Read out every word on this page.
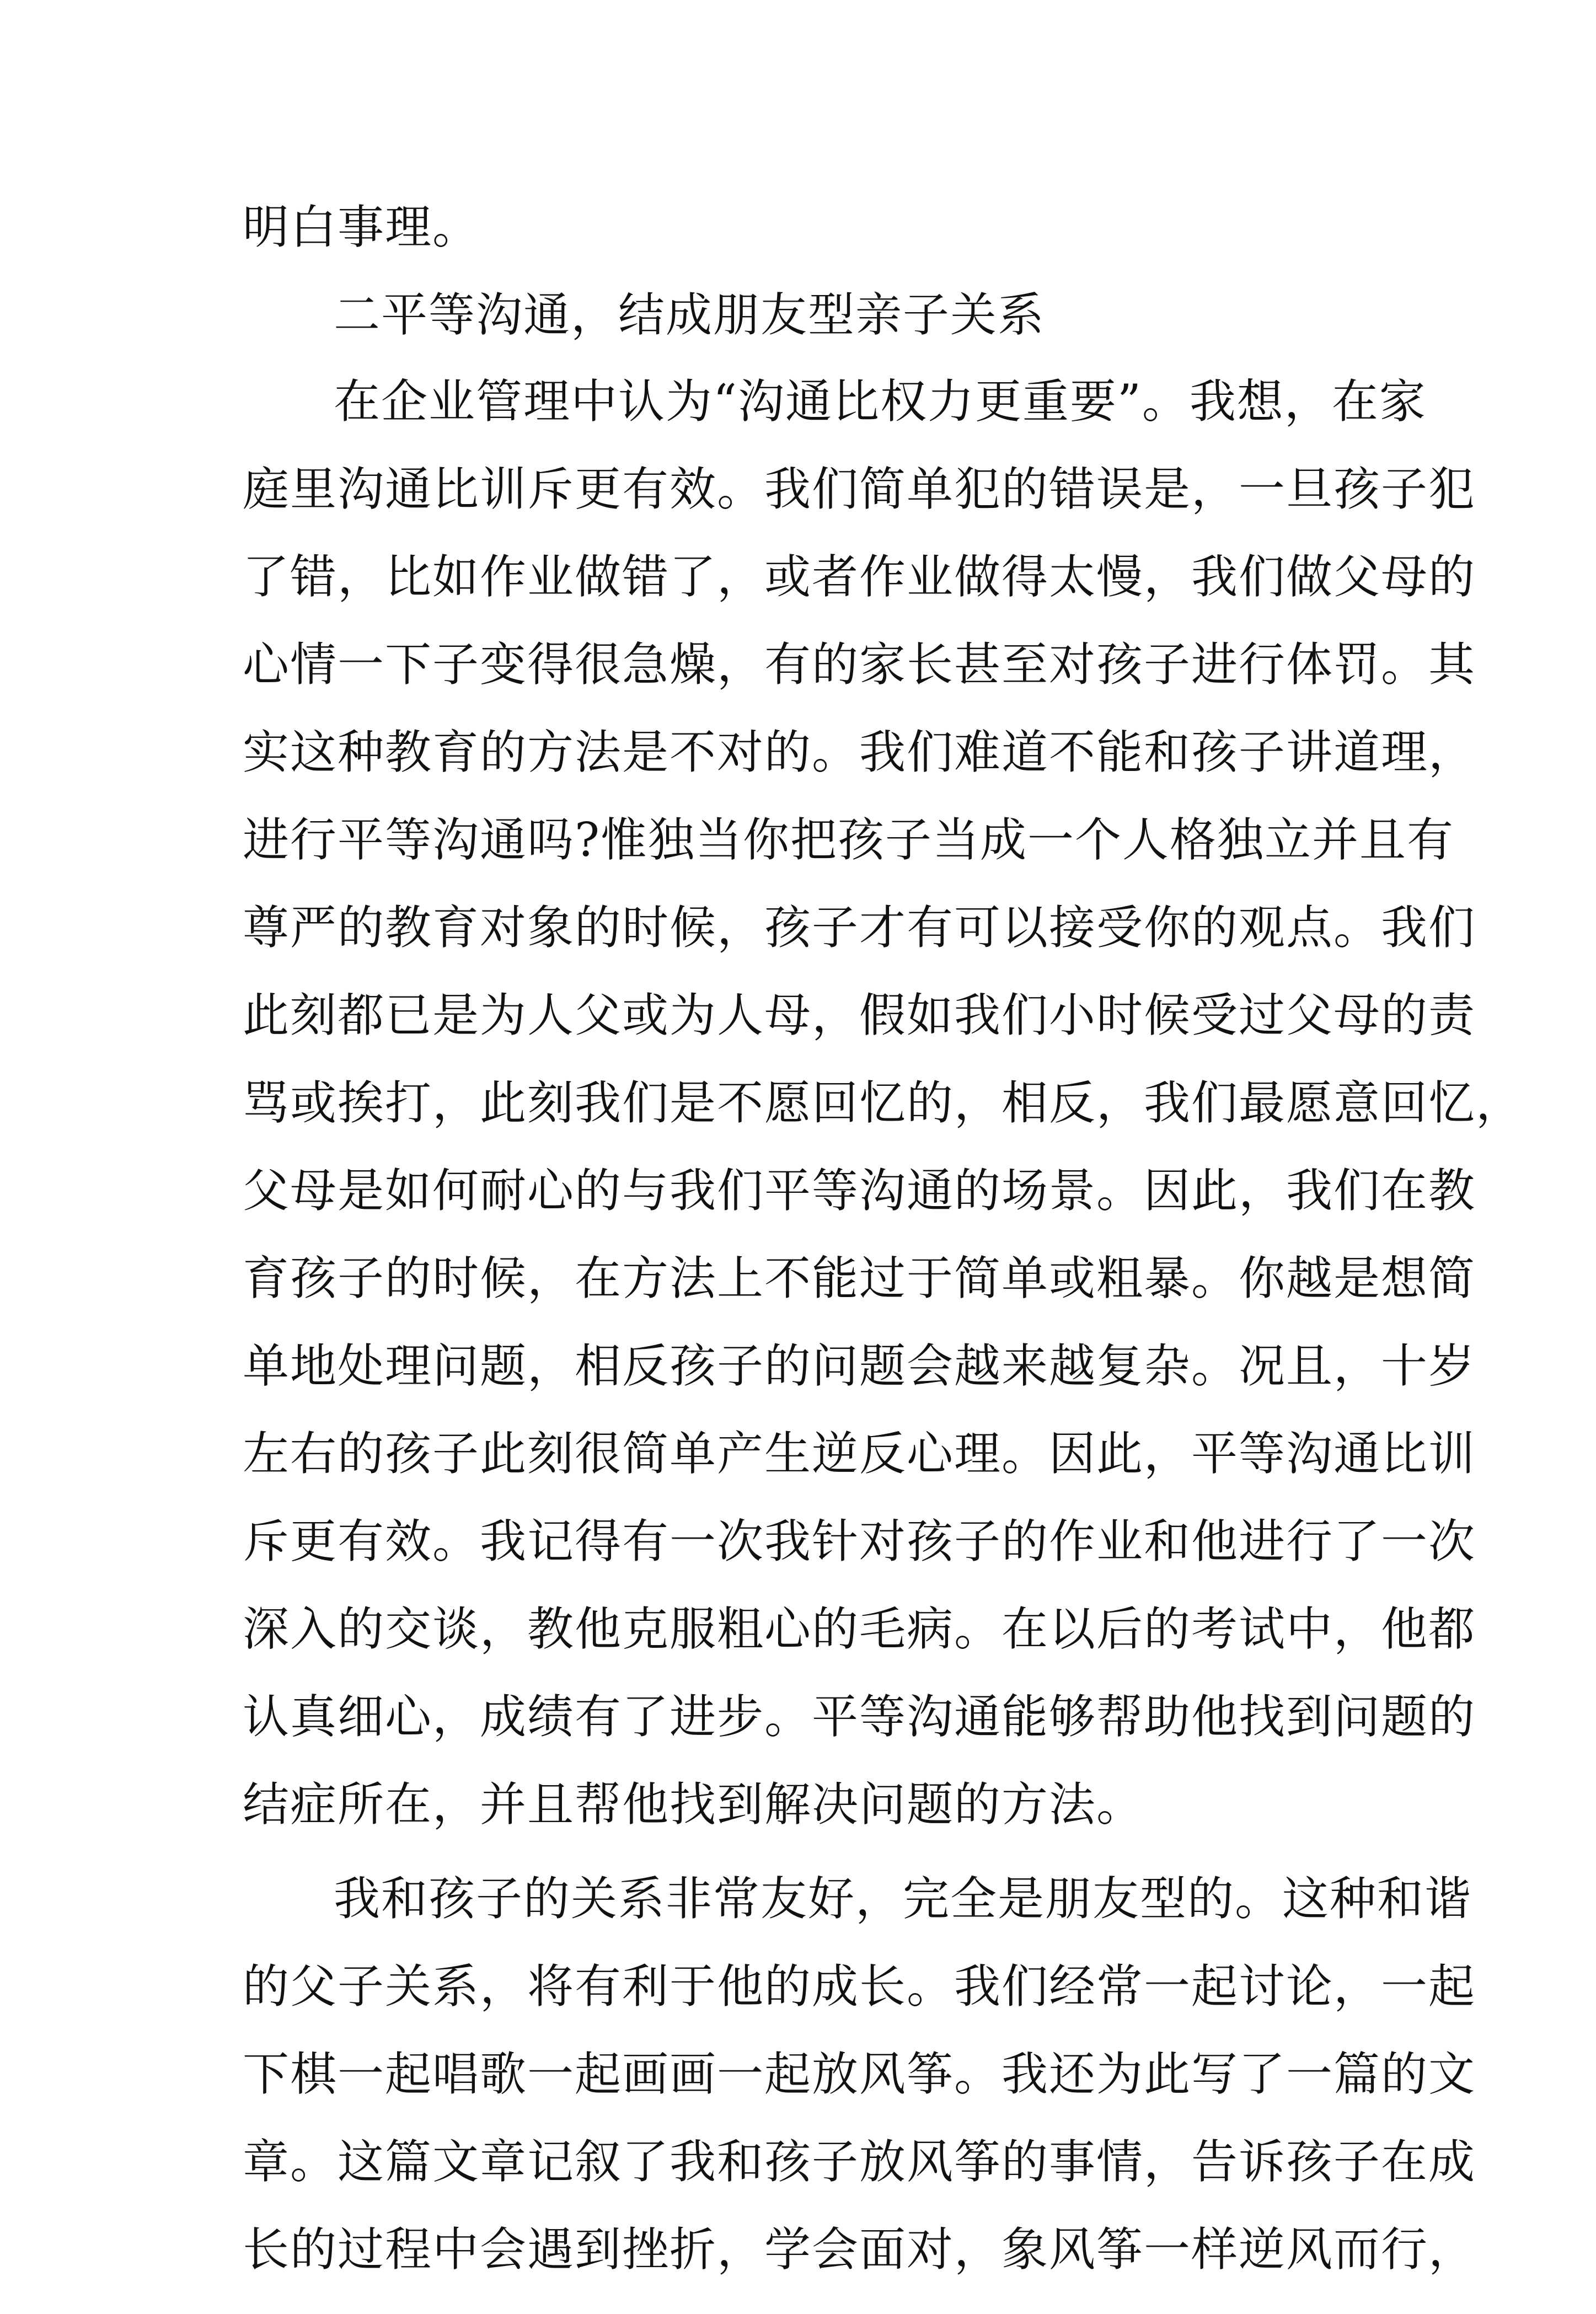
明白事理。
二平等沟通，结成朋友型亲子关系
在企业管理中认为“沟通比权力更重要”。我想，在家
庭里沟通比训斥更有效。我们简单犯的错误是，一旦孩子犯
了错，比如作业做错了，或者作业做得太慢，我们做父母的
心情一下子变得很急燥，有的家长甚至对孩子进行体罚。其
实这种教育的方法是不对的。我们难道不能和孩子讲道理，
进行平等沟通吗?惟独当你把孩子当成一个人格独立并且有
尊严的教育对象的时候，孩子才有可以接受你的观点。我们
此刻都已是为人父或为人母，假如我们小时候受过父母的责
骂或挨打，此刻我们是不愿回忆的，相反，我们最愿意回忆，
父母是如何耐心的与我们平等沟通的场景。因此，我们在教
育孩子的时候，在方法上不能过于简单或粗暴。你越是想简
单地处理问题，相反孩子的问题会越来越复杂。况且，十岁
左右的孩子此刻很简单产生逆反心理。因此，平等沟通比训
斥更有效。我记得有一次我针对孩子的作业和他进行了一次
深入的交谈，教他克服粗心的毛病。在以后的考试中，他都
认真细心，成绩有了进步。平等沟通能够帮助他找到问题的
结症所在，并且帮他找到解决问题的方法。
我和孩子的关系非常友好，完全是朋友型的。这种和谐
的父子关系，将有利于他的成长。我们经常一起讨论，一起
下棋一起唱歌一起画画一起放风筝。我还为此写了一篇的文
章。这篇文章记叙了我和孩子放风筝的事情，告诉孩子在成
长的过程中会遇到挫折，学会面对，象风筝一样逆风而行，
